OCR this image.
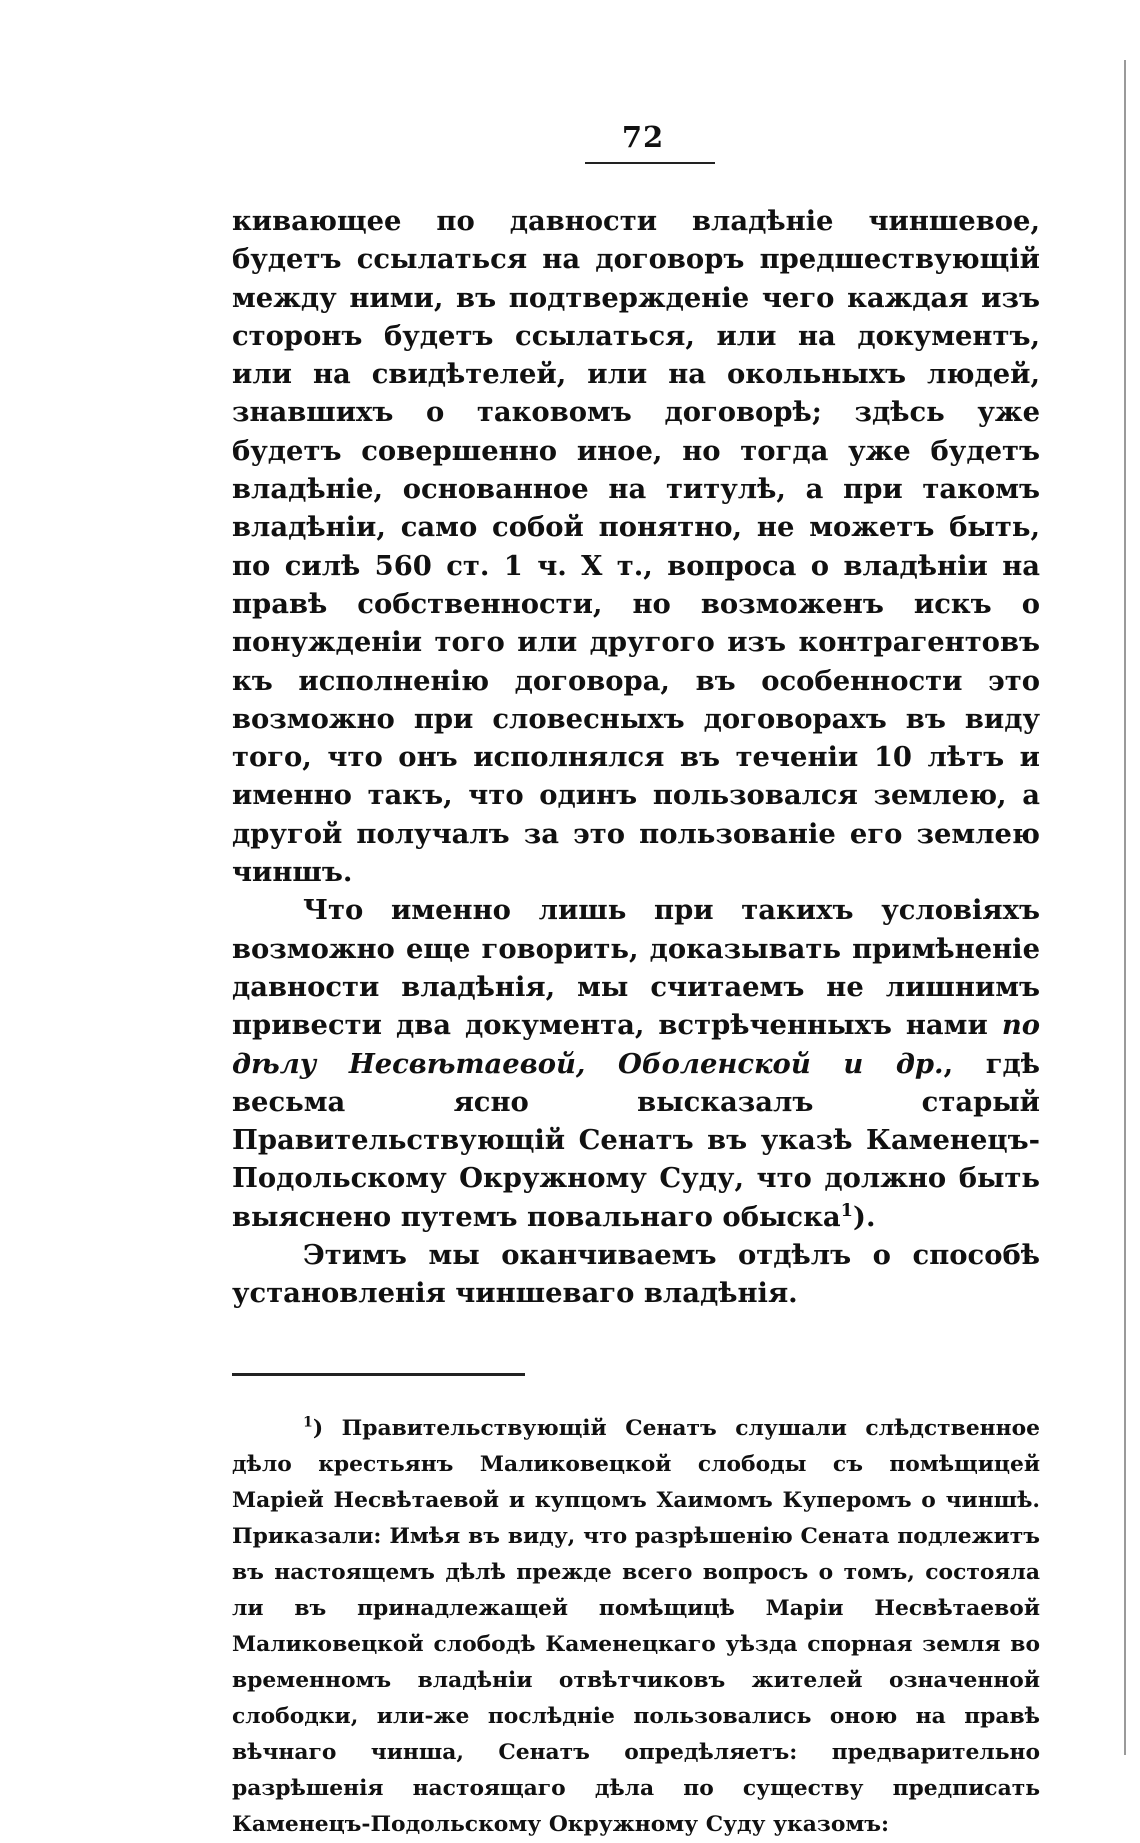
72

кивающее по давности владѣніе чиншевое, будетъ ссылаться на договоръ предшествующій между ними, въ подтвержденіе чего каждая изъ сторонъ будетъ ссылаться, или на документъ, или на свидѣтелей, или на окольныхъ людей, знавшихъ о таковомъ договорѣ; здѣсь уже будетъ совершенно иное, но тогда уже будетъ владѣніе, основанное на титулѣ, а при такомъ владѣніи, само собой понятно, не можетъ быть, по силѣ 560 ст. 1 ч. X т., вопроса о владѣніи на правѣ собственности, но возможенъ искъ о понужденіи того или другого изъ контрагентовъ къ исполненію договора, въ особенности это возможно при словесныхъ договорахъ въ виду того, что онъ исполнялся въ теченіи 10 лѣтъ и именно такъ, что одинъ пользовался землею, а другой получалъ за это пользованіе его землею чиншъ.

Что именно лишь при такихъ условіяхъ возможно еще говорить, доказывать примѣненіе давности владѣнія, мы считаемъ не лишнимъ привести два документа, встрѣченныхъ нами по дѣлу Несвѣтаевой, Оболенской и др., гдѣ весьма ясно высказалъ старый Правительствующій Сенатъ въ указѣ Каменецъ-Подольскому Окружному Суду, что должно быть выяснено путемъ повальнаго обыска$^1$).

Этимъ мы оканчиваемъ отдѣлъ о способѣ установленія чиншеваго владѣнія.

$^1$) Правительствующій Сенатъ слушали слѣдственное дѣло крестьянъ Маликовецкой слободы съ помѣщицей Маріей Несвѣтаевой и купцомъ Хаимомъ Куперомъ о чиншѣ. Приказали: Имѣя въ виду, что разрѣшенію Сената подлежитъ въ настоящемъ дѣлѣ прежде всего вопросъ о томъ, состояла ли въ принадлежащей помѣщицѣ Маріи Несвѣтаевой Маликовецкой слободѣ Каменецкаго уѣзда спорная земля во временномъ владѣніи отвѣтчиковъ жителей означенной слободки, или-же послѣдніе пользовались оною на правѣ вѣчнаго чинша, Сенатъ опредѣляетъ: предварительно разрѣшенія настоящаго дѣла по существу предписать Каменецъ-Подольскому Окружному Суду указомъ:
